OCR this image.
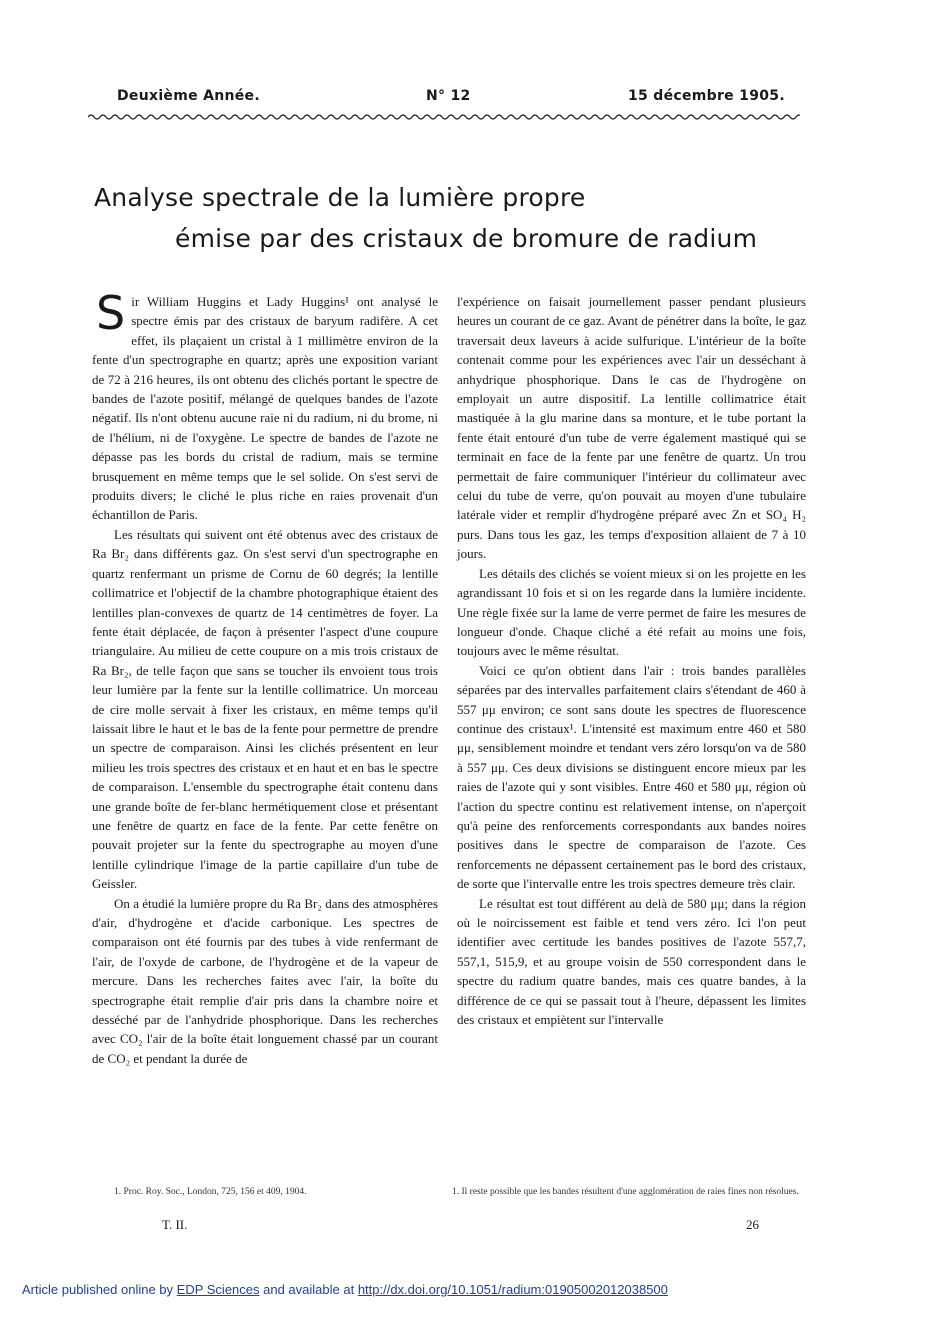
Deuxième Année.	N° 12	15 décembre 1905.
Analyse spectrale de la lumière propre
émise par des cristaux de bromure de radium

Sir William Huggins et Lady Huggins¹ ont analysé le spectre émis par des cristaux de baryum radifère. A cet effet, ils plaçaient un cristal à 1 millimètre environ de la fente d'un spectrographe en quartz; après une exposition variant de 72 à 216 heures, ils ont obtenu des clichés portant le spectre de bandes de l'azote positif, mélangé de quelques bandes de l'azote négatif. Ils n'ont obtenu aucune raie ni du radium, ni du brome, ni de l'hélium, ni de l'oxygène. Le spectre de bandes de l'azote ne dépasse pas les bords du cristal de radium, mais se termine brusquement en même temps que le sel solide. On s'est servi de produits divers; le cliché le plus riche en raies provenait d'un échantillon de Paris.

Les résultats qui suivent ont été obtenus avec des cristaux de Ra Br₂ dans différents gaz. On s'est servi d'un spectrographe en quartz renfermant un prisme de Cornu de 60 degrés; la lentille collimatrice et l'objectif de la chambre photographique étaient des lentilles plan-convexes de quartz de 14 centimètres de foyer. La fente était déplacée, de façon à présenter l'aspect d'une coupure triangulaire. Au milieu de cette coupure on a mis trois cristaux de Ra Br₂, de telle façon que sans se toucher ils envoient tous trois leur lumière par la fente sur la lentille collimatrice. Un morceau de cire molle servait à fixer les cristaux, en même temps qu'il laissait libre le haut et le bas de la fente pour permettre de prendre un spectre de comparaison. Ainsi les clichés présentent en leur milieu les trois spectres des cristaux et en haut et en bas le spectre de comparaison. L'ensemble du spectrographe était contenu dans une grande boîte de fer-blanc hermétiquement close et présentant une fenêtre de quartz en face de la fente. Par cette fenêtre on pouvait projeter sur la fente du spectrographe au moyen d'une lentille cylindrique l'image de la partie capillaire d'un tube de Geissler.

On a étudié la lumière propre du Ra Br₂ dans des atmosphères d'air, d'hydrogène et d'acide carbonique. Les spectres de comparaison ont été fournis par des tubes à vide renfermant de l'air, de l'oxyde de carbone, de l'hydrogène et de la vapeur de mercure. Dans les recherches faites avec l'air, la boîte du spectrographe était remplie d'air pris dans la chambre noire et desséché par de l'anhydride phosphorique. Dans les recherches avec CO₂ l'air de la boîte était longuement chassé par un courant de CO₂ et pendant la durée de

l'expérience on faisait journellement passer pendant plusieurs heures un courant de ce gaz. Avant de pénétrer dans la boîte, le gaz traversait deux laveurs à acide sulfurique. L'intérieur de la boîte contenait comme pour les expériences avec l'air un desséchant à anhydrique phosphorique. Dans le cas de l'hydrogène on employait un autre dispositif. La lentille collimatrice était mastiquée à la glu marine dans sa monture, et le tube portant la fente était entouré d'un tube de verre également mastiqué qui se terminait en face de la fente par une fenêtre de quartz. Un trou permettait de faire communiquer l'intérieur du collimateur avec celui du tube de verre, qu'on pouvait au moyen d'une tubulaire latérale vider et remplir d'hydrogène préparé avec Zn et SO₄ H₂ purs. Dans tous les gaz, les temps d'exposition allaient de 7 à 10 jours.

Les détails des clichés se voient mieux si on les projette en les agrandissant 10 fois et si on les regarde dans la lumière incidente. Une règle fixée sur la lame de verre permet de faire les mesures de longueur d'onde. Chaque cliché a été refait au moins une fois, toujours avec le même résultat.

Voici ce qu'on obtient dans l'air : trois bandes parallèles séparées par des intervalles parfaitement clairs s'étendant de 460 à 557 μμ environ; ce sont sans doute les spectres de fluorescence continue des cristaux¹. L'intensité est maximum entre 460 et 580 μμ, sensiblement moindre et tendant vers zéro lorsqu'on va de 580 à 557 μμ. Ces deux divisions se distinguent encore mieux par les raies de l'azote qui y sont visibles. Entre 460 et 580 μμ, région où l'action du spectre continu est relativement intense, on n'aperçoit qu'à peine des renforcements correspondants aux bandes noires positives dans le spectre de comparaison de l'azote. Ces renforcements ne dépassent certainement pas le bord des cristaux, de sorte que l'intervalle entre les trois spectres demeure très clair.

Le résultat est tout différent au delà de 580 μμ; dans la région où le noircissement est faible et tend vers zéro. Ici l'on peut identifier avec certitude les bandes positives de l'azote 557,7, 557,1, 515,9, et au groupe voisin de 550 correspondent dans le spectre du radium quatre bandes, mais ces quatre bandes, à la différence de ce qui se passait tout à l'heure, dépassent les limites des cristaux et empiètent sur l'intervalle

1. Proc. Roy. Soc., London, 725, 156 et 409, 1904.	1. Il reste possible que les bandes résultent d'une agglomération de raies fines non résolues.
T. II.	26
Article published online by EDP Sciences and available at http://dx.doi.org/10.1051/radium:01905002012038500
